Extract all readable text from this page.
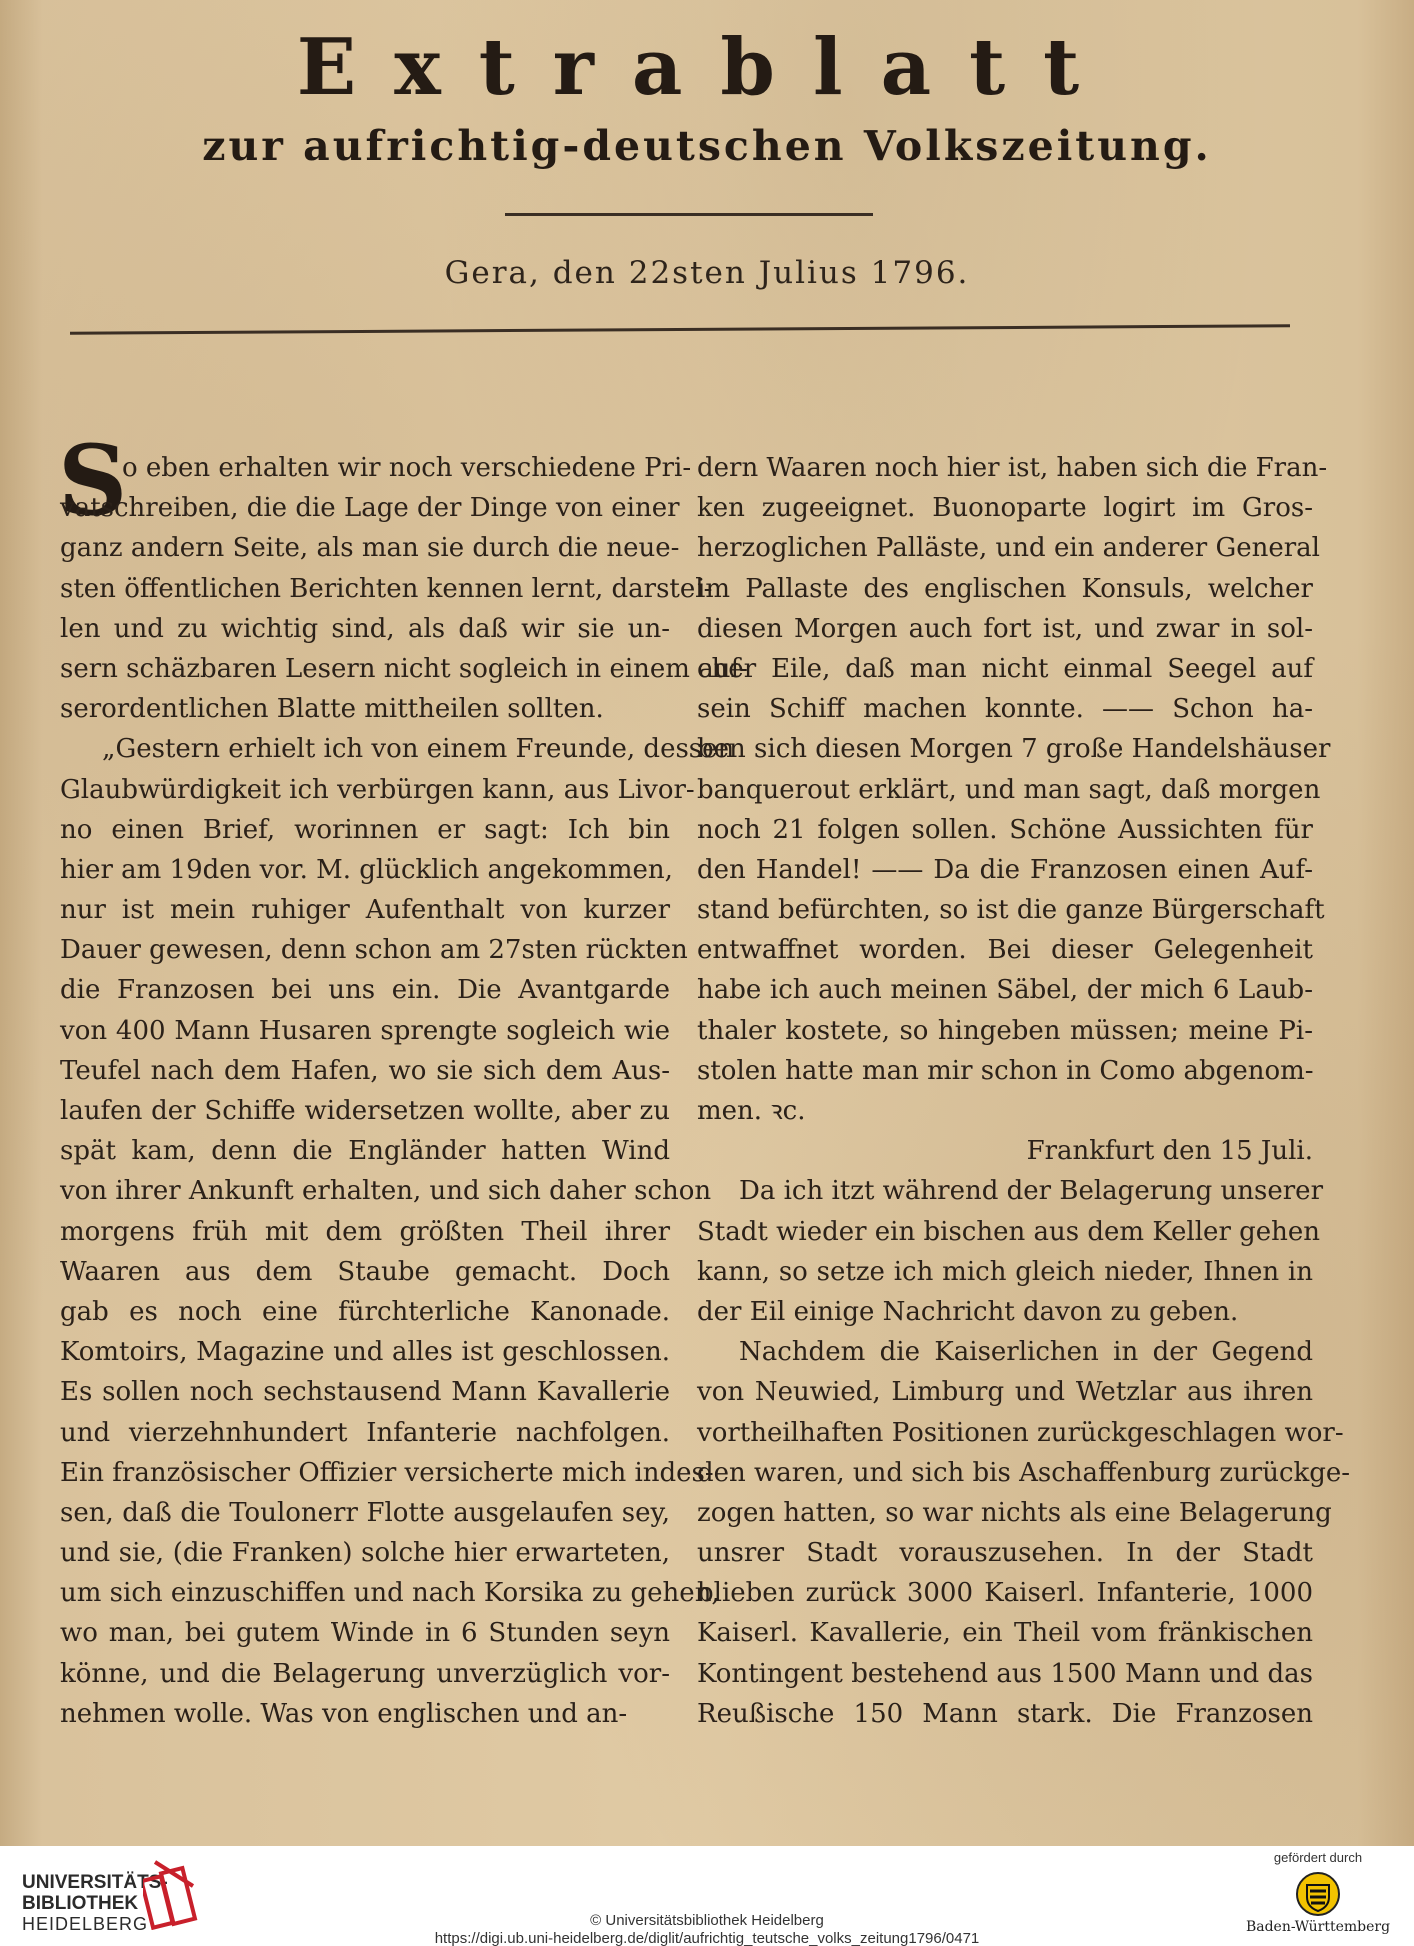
Extrablatt
zur aufrichtig-deutschen Volkszeitung.
Gera, den 22sten Julius 1796.
S
o eben erhalten wir noch verschiedene Pri-
vatschreiben, die die Lage der Dinge von einer
ganz andern Seite, als man sie durch die neue-
sten öffentlichen Berichten kennen lernt, darstel-
len und zu wichtig sind, als daß wir sie un-
sern schäzbaren Lesern nicht sogleich in einem auf-
serordentlichen Blatte mittheilen sollten.
„Gestern erhielt ich von einem Freunde, dessen
Glaubwürdigkeit ich verbürgen kann, aus Livor-
no einen Brief, worinnen er sagt: Ich bin
hier am 19den vor. M. glücklich angekommen,
nur ist mein ruhiger Aufenthalt von kurzer
Dauer gewesen, denn schon am 27sten rückten
die Franzosen bei uns ein. Die Avantgarde
von 400 Mann Husaren sprengte sogleich wie
Teufel nach dem Hafen, wo sie sich dem Aus-
laufen der Schiffe widersetzen wollte, aber zu
spät kam, denn die Engländer hatten Wind
von ihrer Ankunft erhalten, und sich daher schon
morgens früh mit dem größten Theil ihrer
Waaren aus dem Staube gemacht. Doch
gab es noch eine fürchterliche Kanonade.
Komtoirs, Magazine und alles ist geschlossen.
Es sollen noch sechstausend Mann Kavallerie
und vierzehnhundert Infanterie nachfolgen.
Ein französischer Offizier versicherte mich indes-
sen, daß die Toulonerr Flotte ausgelaufen sey,
und sie, (die Franken) solche hier erwarteten,
um sich einzuschiffen und nach Korsika zu gehen,
wo man, bei gutem Winde in 6 Stunden seyn
könne, und die Belagerung unverzüglich vor-
nehmen wolle. Was von englischen und an-
dern Waaren noch hier ist, haben sich die Fran-
ken zugeeignet. Buonoparte logirt im Gros-
herzoglichen Palläste, und ein anderer General
im Pallaste des englischen Konsuls, welcher
diesen Morgen auch fort ist, und zwar in sol-
cher Eile, daß man nicht einmal Seegel auf
sein Schiff machen konnte. —— Schon ha-
ben sich diesen Morgen 7 große Handelshäuser
banquerout erklärt, und man sagt, daß morgen
noch 21 folgen sollen. Schöne Aussichten für
den Handel! —— Da die Franzosen einen Auf-
stand befürchten, so ist die ganze Bürgerschaft
entwaffnet worden. Bei dieser Gelegenheit
habe ich auch meinen Säbel, der mich 6 Laub-
thaler kostete, so hingeben müssen; meine Pi-
stolen hatte man mir schon in Como abgenom-
men. ꝛc.
Frankfurt den 15 Juli.
Da ich itzt während der Belagerung unserer
Stadt wieder ein bischen aus dem Keller gehen
kann, so setze ich mich gleich nieder, Ihnen in
der Eil einige Nachricht davon zu geben.
Nachdem die Kaiserlichen in der Gegend
von Neuwied, Limburg und Wetzlar aus ihren
vortheilhaften Positionen zurückgeschlagen wor-
den waren, und sich bis Aschaffenburg zurückge-
zogen hatten, so war nichts als eine Belagerung
unsrer Stadt vorauszusehen. In der Stadt
blieben zurück 3000 Kaiserl. Infanterie, 1000
Kaiserl. Kavallerie, ein Theil vom fränkischen
Kontingent bestehend aus 1500 Mann und das
Reußische 150 Mann stark. Die Franzosen
UNIVERSITÄTS-
BIBLIOTHEK
HEIDELBERG	© Universitätsbibliothek Heidelberg
https://digi.ub.uni-heidelberg.de/diglit/aufrichtig_teutsche_volks_zeitung1796/0471
gefördert durch
Baden-Württemberg
